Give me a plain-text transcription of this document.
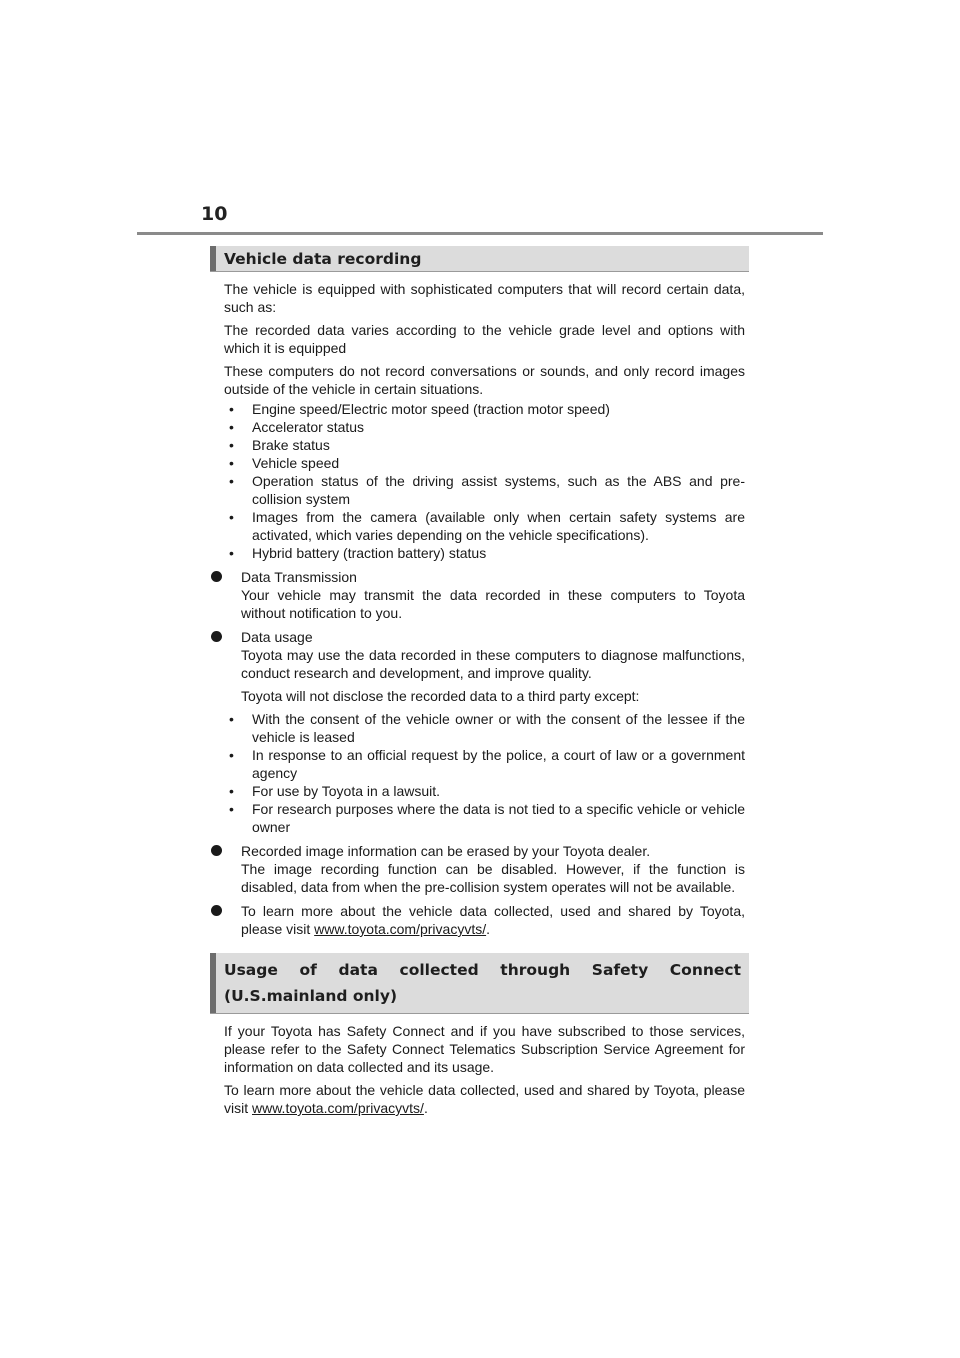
10
Vehicle data recording

The vehicle is equipped with sophisticated computers that will record certain data, such as:

The recorded data varies according to the vehicle grade level and options with which it is equipped

These computers do not record conversations or sounds, and only record images outside of the vehicle in certain situations.

• Engine speed/Electric motor speed (traction motor speed)
• Accelerator status
• Brake status
• Vehicle speed
• Operation status of the driving assist systems, such as the ABS and pre-collision system
• Images from the camera (available only when certain safety systems are activated, which varies depending on the vehicle specifications).
• Hybrid battery (traction battery) status

Data Transmission

Your vehicle may transmit the data recorded in these computers to Toyota without notification to you.

Data usage

Toyota may use the data recorded in these computers to diagnose malfunctions, conduct research and development, and improve quality.

Toyota will not disclose the recorded data to a third party except:

• With the consent of the vehicle owner or with the consent of the lessee if the vehicle is leased
• In response to an official request by the police, a court of law or a government agency
• For use by Toyota in a lawsuit.
• For research purposes where the data is not tied to a specific vehicle or vehicle owner

Recorded image information can be erased by your Toyota dealer.

The image recording function can be disabled. However, if the function is disabled, data from when the pre-collision system operates will not be available.

To learn more about the vehicle data collected, used and shared by Toyota, please visit www.toyota.com/privacyvts/.

Usage of data collected through Safety Connect (U.S.mainland only)

If your Toyota has Safety Connect and if you have subscribed to those services, please refer to the Safety Connect Telematics Subscription Service Agreement for information on data collected and its usage.

To learn more about the vehicle data collected, used and shared by Toyota, please visit www.toyota.com/privacyvts/.
